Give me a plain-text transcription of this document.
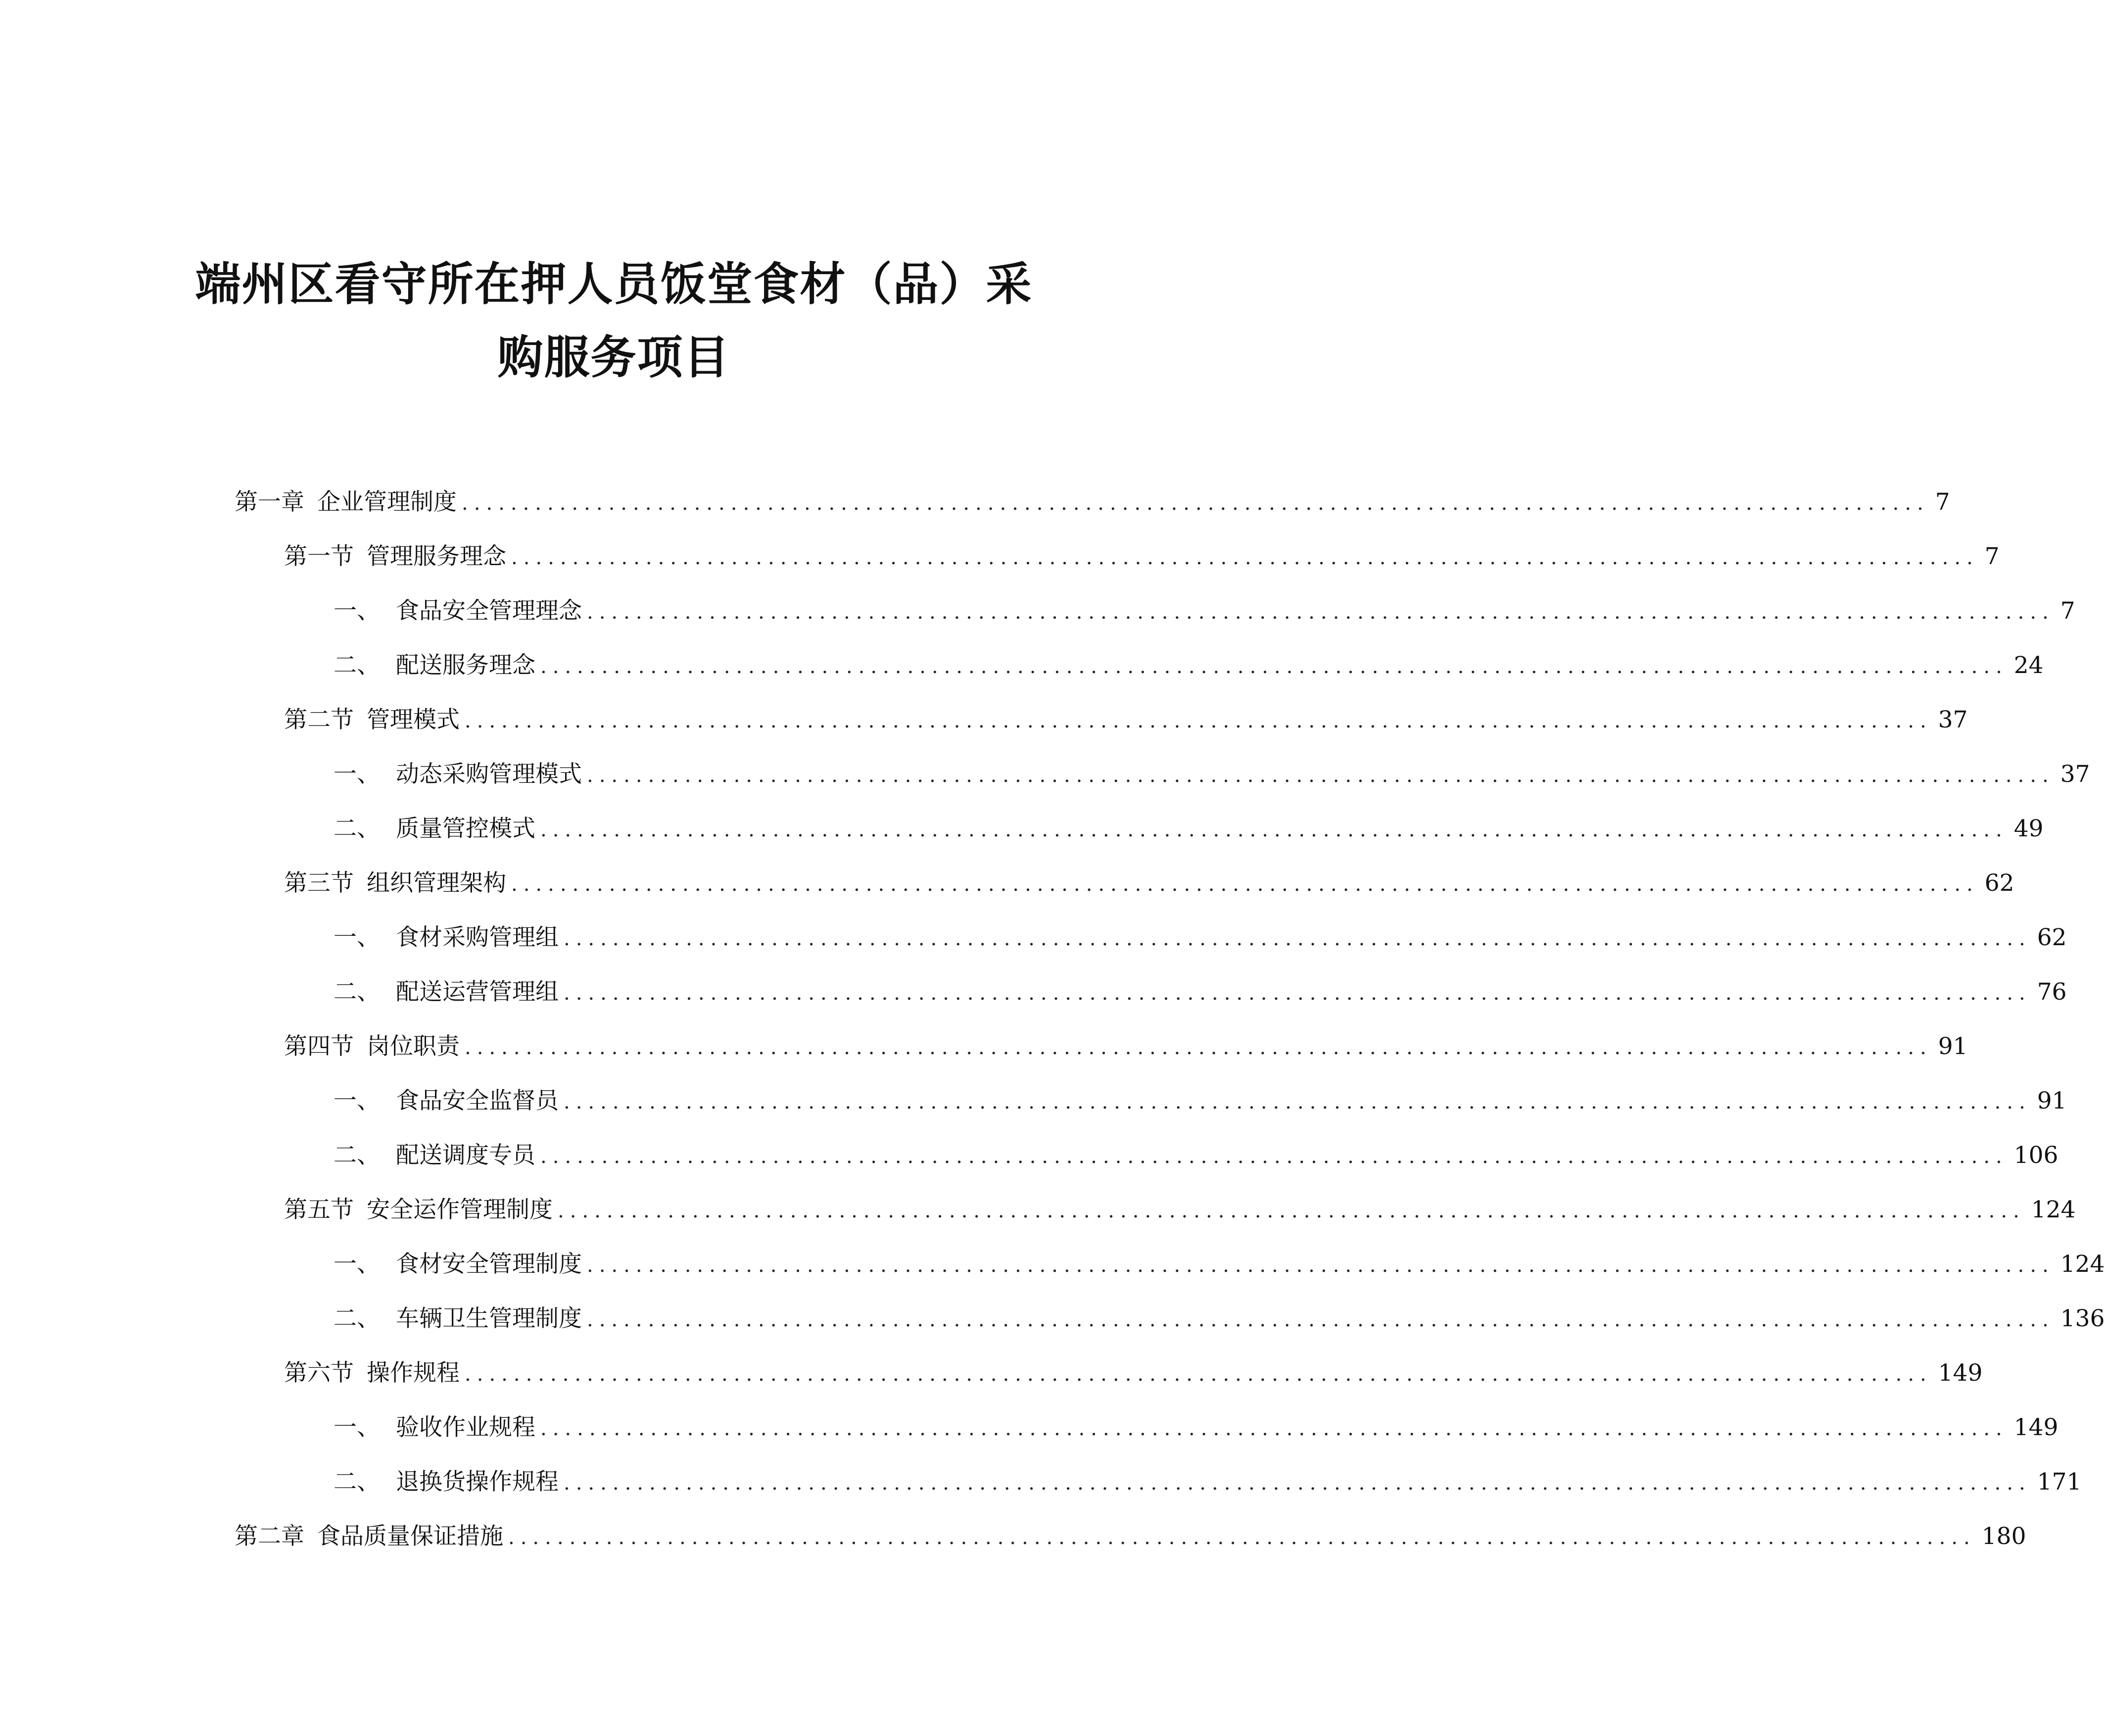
端州区看守所在押人员饭堂食材（品）采
购服务项目
第一章 企业管理制度 ........................................................................................................................ 7
第一节 管理服务理念 ........................................................................................................................ 7
一、 食品安全管理理念 ........................................................................................................................ 7
二、 配送服务理念 ........................................................................................................................ 24
第二节 管理模式 ........................................................................................................................ 37
一、 动态采购管理模式 ........................................................................................................................ 37
二、 质量管控模式 ........................................................................................................................ 49
第三节 组织管理架构 ........................................................................................................................ 62
一、 食材采购管理组 ........................................................................................................................ 62
二、 配送运营管理组 ........................................................................................................................ 76
第四节 岗位职责 ........................................................................................................................ 91
一、 食品安全监督员 ........................................................................................................................ 91
二、 配送调度专员 ........................................................................................................................ 106
第五节 安全运作管理制度 ........................................................................................................................ 124
一、 食材安全管理制度 ........................................................................................................................ 124
二、 车辆卫生管理制度 ........................................................................................................................ 136
第六节 操作规程 ........................................................................................................................ 149
一、 验收作业规程 ........................................................................................................................ 149
二、 退换货操作规程 ........................................................................................................................ 171
第二章 食品质量保证措施 ........................................................................................................................ 180
